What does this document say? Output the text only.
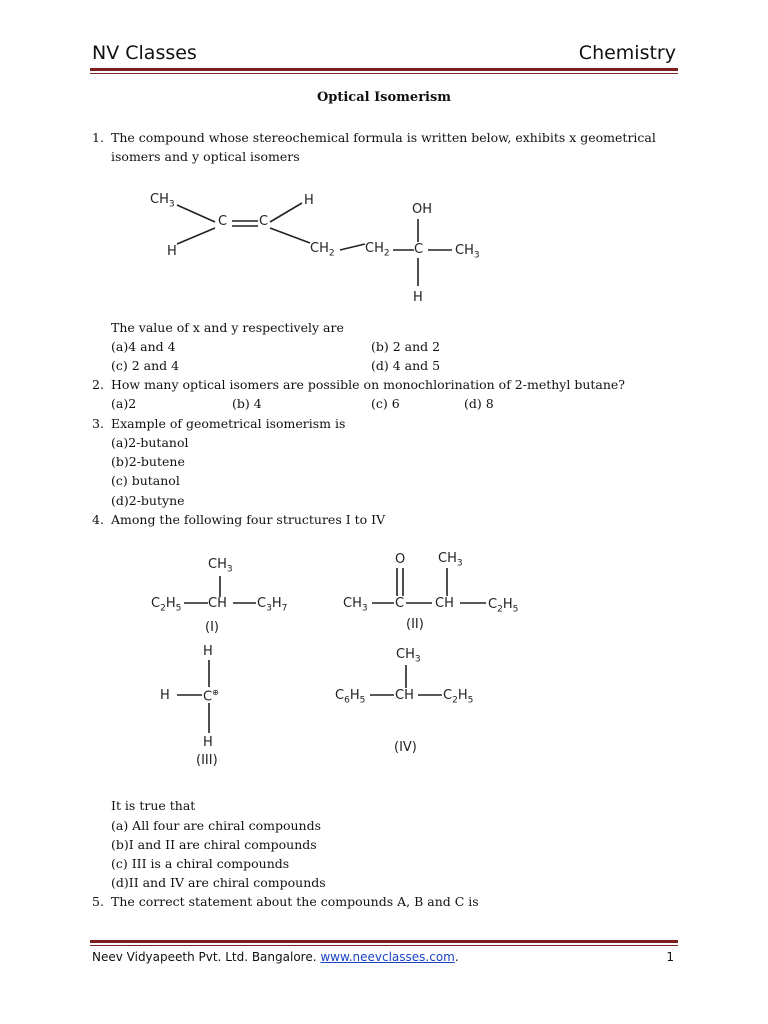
NV Classes	Chemistry
Optical Isomerism
1. The compound whose stereochemical formula is written below, exhibits x geometrical
isomers and y optical isomers
$CH_3$
H
C C
H
$CH_2$ $CH_2$
OH
C $CH_3$
H
The value of x and y respectively are
(a)4 and 4	(b) 2 and 2
(c) 2 and 4	(d) 4 and 5
2. How many optical isomers are possible on monochlorination of 2-methyl butane?
(a)2	(b) 4	(c) 6	(d) 8
3. Example of geometrical isomerism is
(a)2-butanol
(b)2-butene
(c) butanol
(d)2-butyne
4. Among the following four structures I to IV
$CH_3$
$C_2H_5$ CH $C_3H_7$
(I)
O	$CH_3$
$CH_3$ C CH	$C_2H_5$
(II)
H
H	C⊕
H
(III)
$CH_3$
$C_6H_5$ CH $C_2H_5$
(IV)
It is true that
(a) All four are chiral compounds
(b)I and II are chiral compounds
(c) III is a chiral compounds
(d)II and IV are chiral compounds
5. The correct statement about the compounds A, B and C is
Neev Vidyapeeth Pvt. Ltd. Bangalore. www.neevclasses.com.	1
